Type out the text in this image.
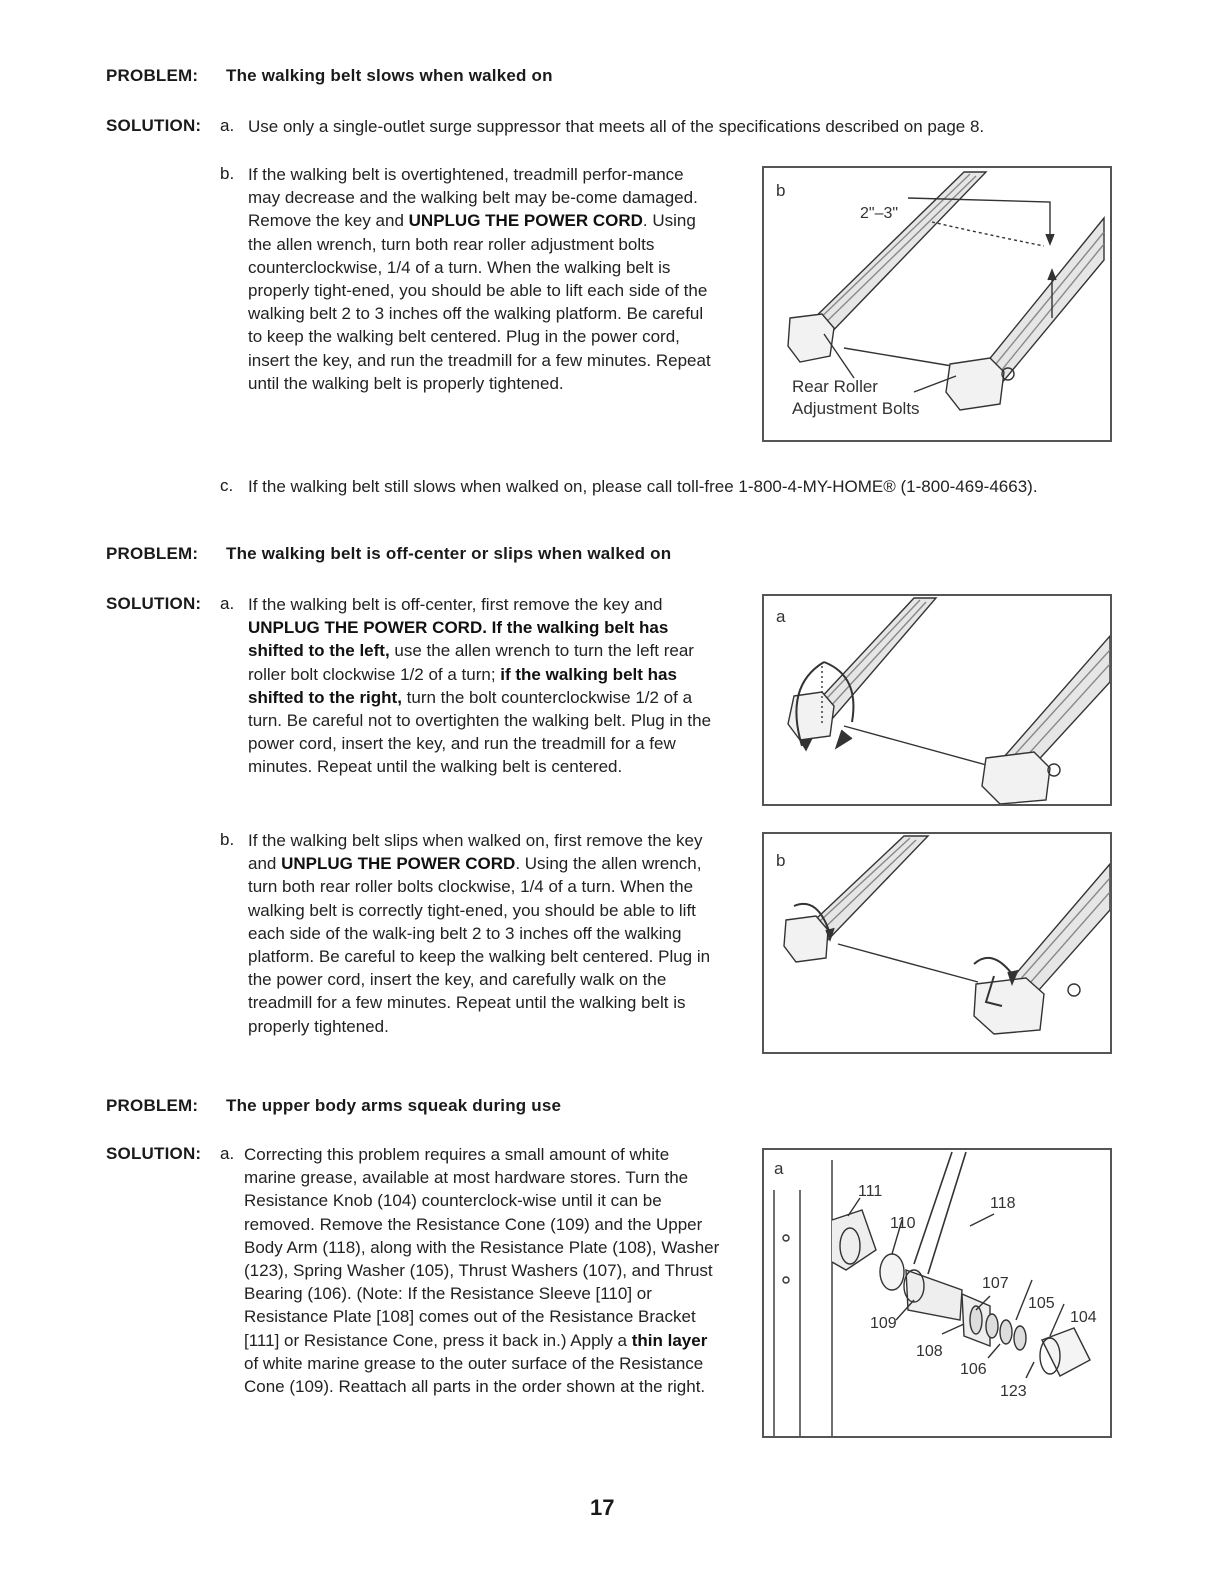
PROBLEM: The walking belt slows when walked on
SOLUTION: a. Use only a single-outlet surge suppressor that meets all of the specifications described on page 8.
b. If the walking belt is overtightened, treadmill perfor-mance may decrease and the walking belt may be-come damaged. Remove the key and UNPLUG THE POWER CORD. Using the allen wrench, turn both rear roller adjustment bolts counterclockwise, 1/4 of a turn. When the walking belt is properly tight-ened, you should be able to lift each side of the walking belt 2 to 3 inches off the walking platform. Be careful to keep the walking belt centered. Plug in the power cord, insert the key, and run the treadmill for a few minutes. Repeat until the walking belt is properly tightened.
b
2"–3"
Rear Roller
Adjustment Bolts
c. If the walking belt still slows when walked on, please call toll-free 1-800-4-MY-HOME® (1-800-469-4663).
PROBLEM: The walking belt is off-center or slips when walked on
SOLUTION: a. If the walking belt is off-center, first remove the key and UNPLUG THE POWER CORD. If the walking belt has shifted to the left, use the allen wrench to turn the left rear roller bolt clockwise 1/2 of a turn; if the walking belt has shifted to the right, turn the bolt counterclockwise 1/2 of a turn. Be careful not to overtighten the walking belt. Plug in the power cord, insert the key, and run the treadmill for a few minutes. Repeat until the walking belt is centered.
a
b. If the walking belt slips when walked on, first remove the key and UNPLUG THE POWER CORD. Using the allen wrench, turn both rear roller bolts clockwise, 1/4 of a turn. When the walking belt is correctly tight-ened, you should be able to lift each side of the walk-ing belt 2 to 3 inches off the walking platform. Be careful to keep the walking belt centered. Plug in the power cord, insert the key, and carefully walk on the treadmill for a few minutes. Repeat until the walking belt is properly tightened.
b
PROBLEM: The upper body arms squeak during use
SOLUTION: a. Correcting this problem requires a small amount of white marine grease, available at most hardware stores. Turn the Resistance Knob (104) counterclock-wise until it can be removed. Remove the Resistance Cone (109) and the Upper Body Arm (118), along with the Resistance Plate (108), Washer (123), Spring Washer (105), Thrust Washers (107), and Thrust Bearing (106). (Note: If the Resistance Sleeve [110] or Resistance Plate [108] comes out of the Resistance Bracket [111] or Resistance Cone, press it back in.) Apply a thin layer of white marine grease to the outer surface of the Resistance Cone (109). Reattach all parts in the order shown at the right.
a
111
110
118
107
105
104
109
108
106
123
17
